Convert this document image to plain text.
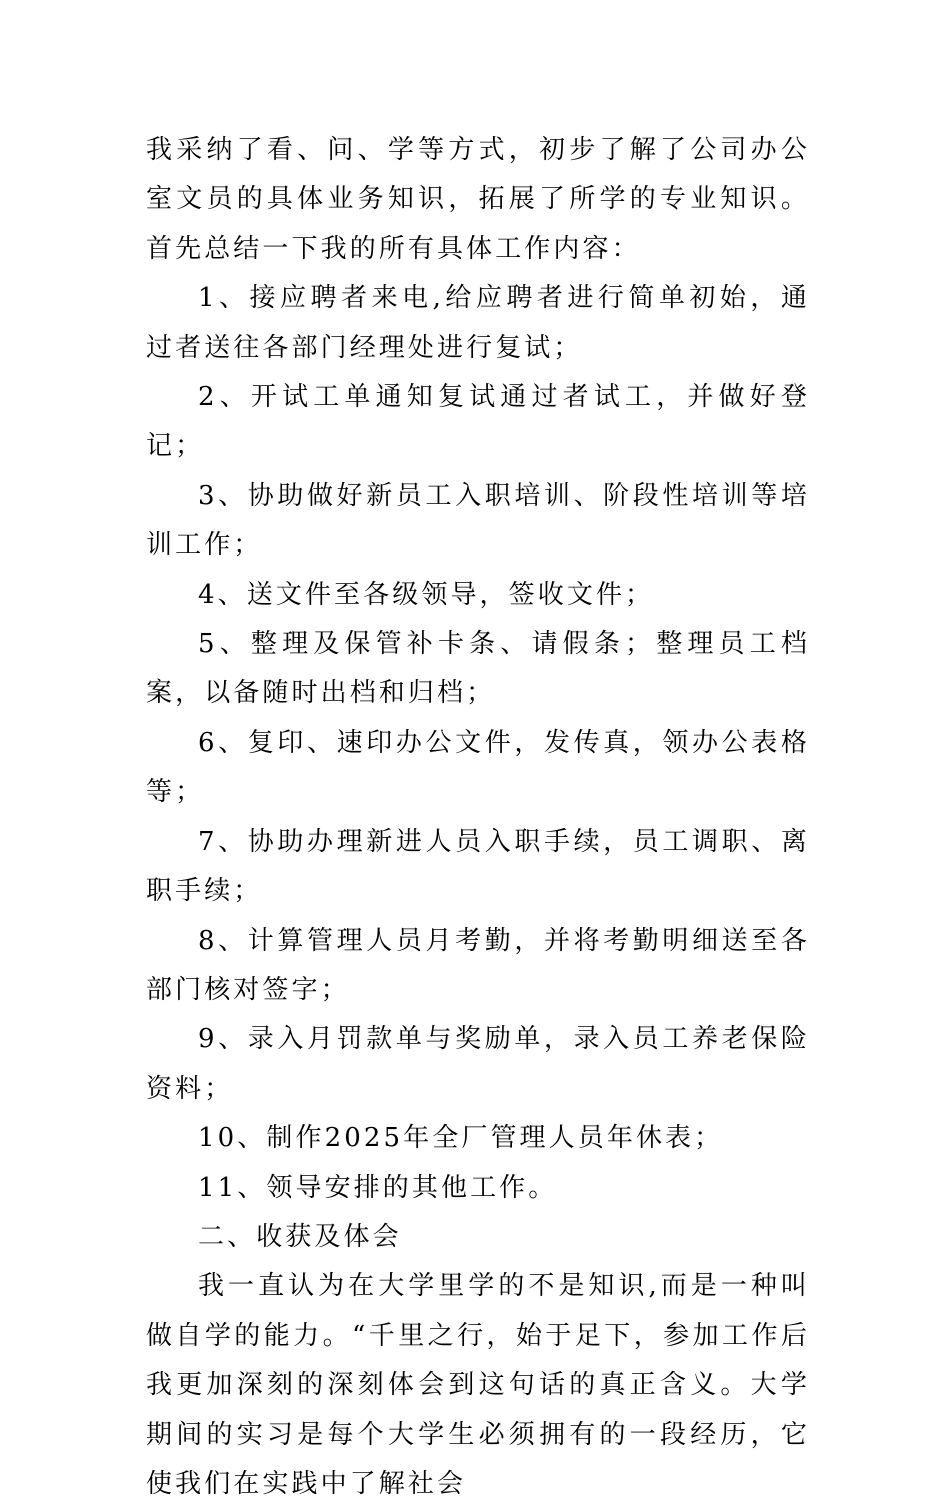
我采纳了看、问、学等方式，初步了解了公司办公室文员的具体业务知识，拓展了所学的专业知识。首先总结一下我的所有具体工作内容：

1、接应聘者来电,给应聘者进行简单初始，通过者送往各部门经理处进行复试；

2、开试工单通知复试通过者试工，并做好登记；

3、协助做好新员工入职培训、阶段性培训等培训工作；

4、送文件至各级领导，签收文件；

5、整理及保管补卡条、请假条；整理员工档案，以备随时出档和归档；

6、复印、速印办公文件，发传真，领办公表格等；

7、协助办理新进人员入职手续，员工调职、离职手续；

8、计算管理人员月考勤，并将考勤明细送至各部门核对签字；

9、录入月罚款单与奖励单，录入员工养老保险资料；

10、制作2025年全厂管理人员年休表；

11、领导安排的其他工作。

二、收获及体会

我一直认为在大学里学的不是知识,而是一种叫做自学的能力。“千里之行，始于足下，参加工作后我更加深刻的深刻体会到这句话的真正含义。大学期间的实习是每个大学生必须拥有的一段经历，它使我们在实践中了解社会
